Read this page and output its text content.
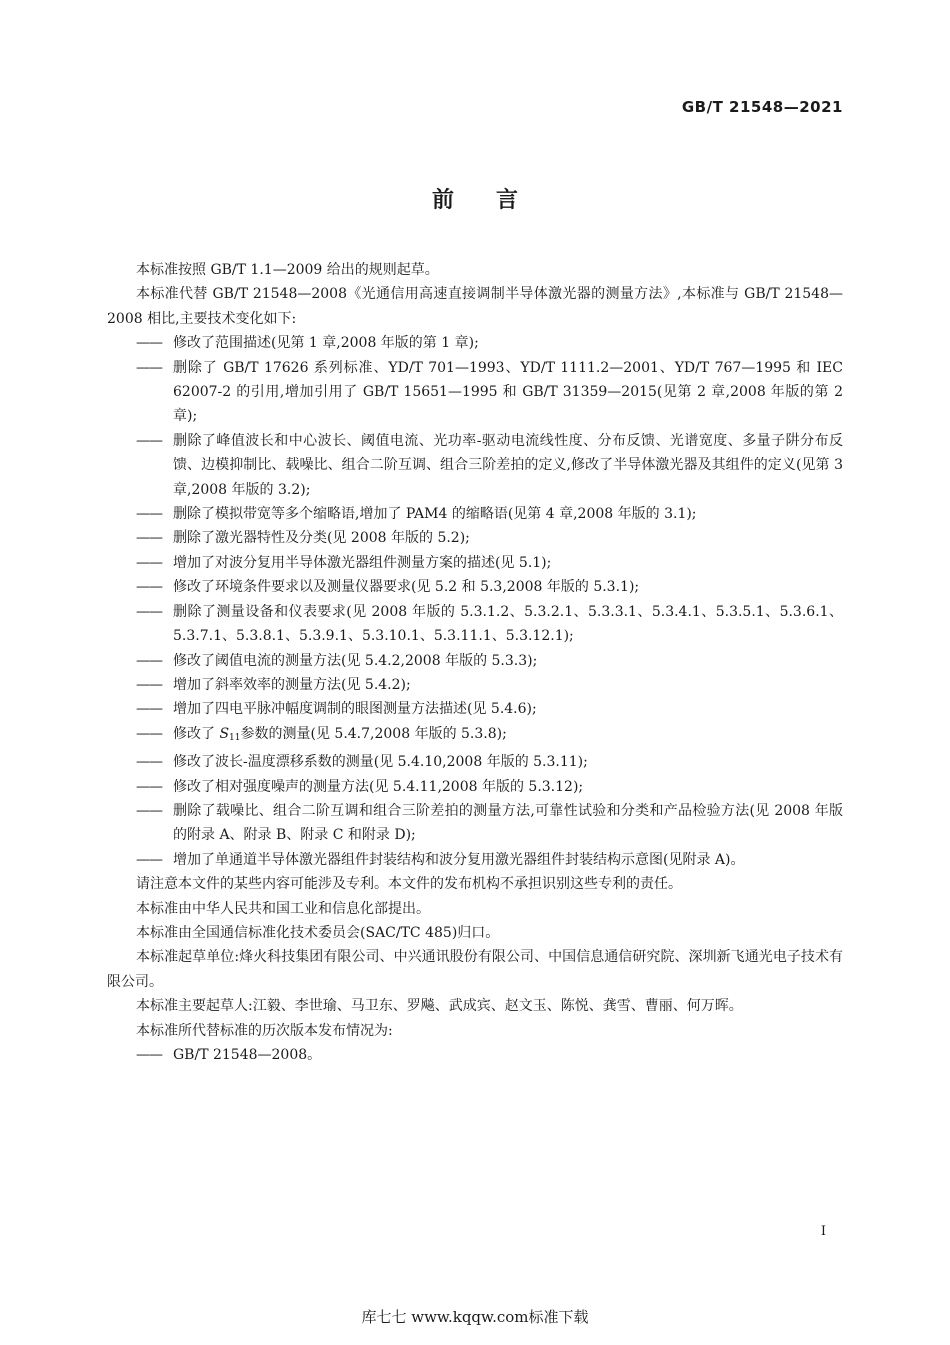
GB/T 21548—2021
前言

本标准按照 GB/T 1.1—2009 给出的规则起草。

本标准代替 GB/T 21548—2008《光通信用高速直接调制半导体激光器的测量方法》,本标准与 GB/T 21548—2008 相比,主要技术变化如下:

—— 修改了范围描述(见第 1 章,2008 年版的第 1 章);

—— 删除了 GB/T 17626 系列标准、YD/T 701—1993、YD/T 1111.2—2001、YD/T 767—1995 和 IEC 62007-2 的引用,增加引用了 GB/T 15651—1995 和 GB/T 31359—2015(见第 2 章,2008 年版的第 2 章);

—— 删除了峰值波长和中心波长、阈值电流、光功率-驱动电流线性度、分布反馈、光谱宽度、多量子阱分布反馈、边模抑制比、载噪比、组合二阶互调、组合三阶差拍的定义,修改了半导体激光器及其组件的定义(见第 3 章,2008 年版的 3.2);

—— 删除了模拟带宽等多个缩略语,增加了 PAM4 的缩略语(见第 4 章,2008 年版的 3.1);

—— 删除了激光器特性及分类(见 2008 年版的 5.2);

—— 增加了对波分复用半导体激光器组件测量方案的描述(见 5.1);

—— 修改了环境条件要求以及测量仪器要求(见 5.2 和 5.3,2008 年版的 5.3.1);

—— 删除了测量设备和仪表要求(见 2008 年版的 5.3.1.2、5.3.2.1、5.3.3.1、5.3.4.1、5.3.5.1、5.3.6.1、5.3.7.1、5.3.8.1、5.3.9.1、5.3.10.1、5.3.11.1、5.3.12.1);

—— 修改了阈值电流的测量方法(见 5.4.2,2008 年版的 5.3.3);

—— 增加了斜率效率的测量方法(见 5.4.2);

—— 增加了四电平脉冲幅度调制的眼图测量方法描述(见 5.4.6);

—— 修改了 $S_{11}$参数的测量(见 5.4.7,2008 年版的 5.3.8);

—— 修改了波长-温度漂移系数的测量(见 5.4.10,2008 年版的 5.3.11);

—— 修改了相对强度噪声的测量方法(见 5.4.11,2008 年版的 5.3.12);

—— 删除了载噪比、组合二阶互调和组合三阶差拍的测量方法,可靠性试验和分类和产品检验方法(见 2008 年版的附录 A、附录 B、附录 C 和附录 D);

—— 增加了单通道半导体激光器组件封装结构和波分复用激光器组件封装结构示意图(见附录 A)。

请注意本文件的某些内容可能涉及专利。本文件的发布机构不承担识别这些专利的责任。

本标准由中华人民共和国工业和信息化部提出。

本标准由全国通信标准化技术委员会(SAC/TC 485)归口。

本标准起草单位:烽火科技集团有限公司、中兴通讯股份有限公司、中国信息通信研究院、深圳新飞通光电子技术有限公司。

本标准主要起草人:江毅、李世瑜、马卫东、罗飚、武成宾、赵文玉、陈悦、龚雪、曹丽、何万晖。

本标准所代替标准的历次版本发布情况为:

—— GB/T 21548—2008。

I
库七七 www.kqqw.com标准下载
